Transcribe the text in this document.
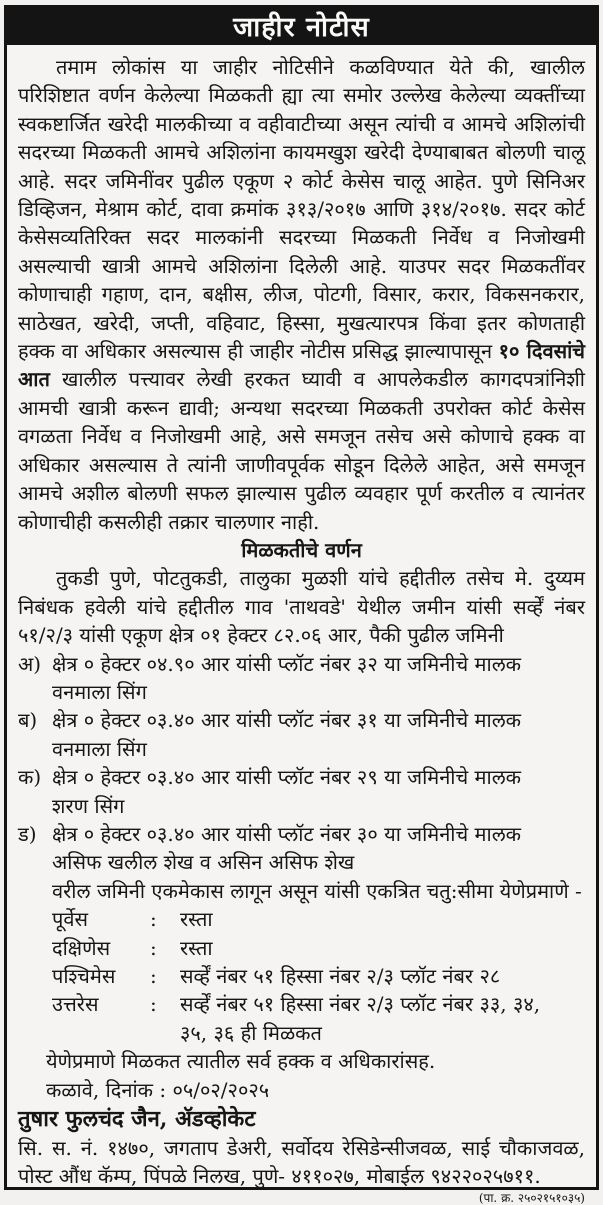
जाहीर नोटीस

तमाम लोकांस या जाहीर नोटिसीने कळविण्यात येते की, खालील परिशिष्टात वर्णन केलेल्या मिळकती ह्या त्या समोर उल्लेख केलेल्या व्यक्तींच्या स्वकष्टार्जित खरेदी मालकीच्या व वहीवाटीच्या असून त्यांची व आमचे अशिलांची सदरच्या मिळकती आमचे अशिलांना कायमखुश खरेदी देण्याबाबत बोलणी चालू आहे. सदर जमिनींवर पुढील एकूण २ कोर्ट केसेस चालू आहेत. पुणे सिनिअर डिव्हिजन, मेश्राम कोर्ट, दावा क्रमांक ३१३/२०१७ आणि ३१४/२०१७. सदर कोर्ट केसेसव्यतिरिक्त सदर मालकांनी सदरच्या मिळकती निर्वेध व निजोखमी असल्याची खात्री आमचे अशिलांना दिलेली आहे. याउपर सदर मिळकतींवर कोणाचाही गहाण, दान, बक्षीस, लीज, पोटगी, विसार, करार, विकसनकरार, साठेखत, खरेदी, जप्ती, वहिवाट, हिस्सा, मुखत्यारपत्र किंवा इतर कोणताही हक्क वा अधिकार असल्यास ही जाहीर नोटीस प्रसिद्ध झाल्यापासून १० दिवसांचे आत खालील पत्त्यावर लेखी हरकत घ्यावी व आपलेकडील कागदपत्रांनिशी आमची खात्री करून द्यावी; अन्यथा सदरच्या मिळकती उपरोक्त कोर्ट केसेस वगळता निर्वेध व निजोखमी आहे, असे समजून तसेच असे कोणाचे हक्क वा अधिकार असल्यास ते त्यांनी जाणीवपूर्वक सोडून दिलेले आहेत, असे समजून आमचे अशील बोलणी सफल झाल्यास पुढील व्यवहार पूर्ण करतील व त्यानंतर कोणाचीही कसलीही तक्रार चालणार नाही.

मिळकतीचे वर्णन

तुकडी पुणे, पोटतुकडी, तालुका मुळशी यांचे हद्दीतील तसेच मे. दुय्यम निबंधक हवेली यांचे हद्दीतील गाव 'ताथवडे' येथील जमीन यांसी सर्व्हें नंबर ५१/२/३ यांसी एकूण क्षेत्र ०१ हेक्टर ८२.०६ आर, पैकी पुढील जमिनी

अ) क्षेत्र ० हेक्टर ०४.९० आर यांसी प्लॉट नंबर ३२ या जमिनीचे मालक वनमाला सिंग
ब) क्षेत्र ० हेक्टर ०३.४० आर यांसी प्लॉट नंबर ३१ या जमिनीचे मालक वनमाला सिंग
क) क्षेत्र ० हेक्टर ०३.४० आर यांसी प्लॉट नंबर २९ या जमिनीचे मालक शरण सिंग
ड) क्षेत्र ० हेक्टर ०३.४० आर यांसी प्लॉट नंबर ३० या जमिनीचे मालक असिफ खलील शेख व असिन असिफ शेख

वरील जमिनी एकमेकास लागून असून यांसी एकत्रित चतु:सीमा येणेप्रमाणे -

पूर्वेस	:	रस्ता
दक्षिणेस	:	रस्ता
पश्चिमेस	:	सर्व्हें नंबर ५१ हिस्सा नंबर २/३ प्लॉट नंबर २८
उत्तरेस	:	सर्व्हें नंबर ५१ हिस्सा नंबर २/३ प्लॉट नंबर ३३, ३४, ३५, ३६ ही मिळकत

येणेप्रमाणे मिळकत त्यातील सर्व हक्क व अधिकारांसह.

कळावे, दिनांक : ०५/०२/२०२५

तुषार फुलचंद जैन, ॲडव्होकेट

सि. स. नं. १४७०, जगताप डेअरी, सर्वोदय रेसिडेन्सीजवळ, साई चौकाजवळ, पोस्ट औंध कॅम्प, पिंपळे निलख, पुणे- ४११०२७, मोबाईल ९४२२०२५७११.

(पा. क्र. २५०२१५१०३५)
